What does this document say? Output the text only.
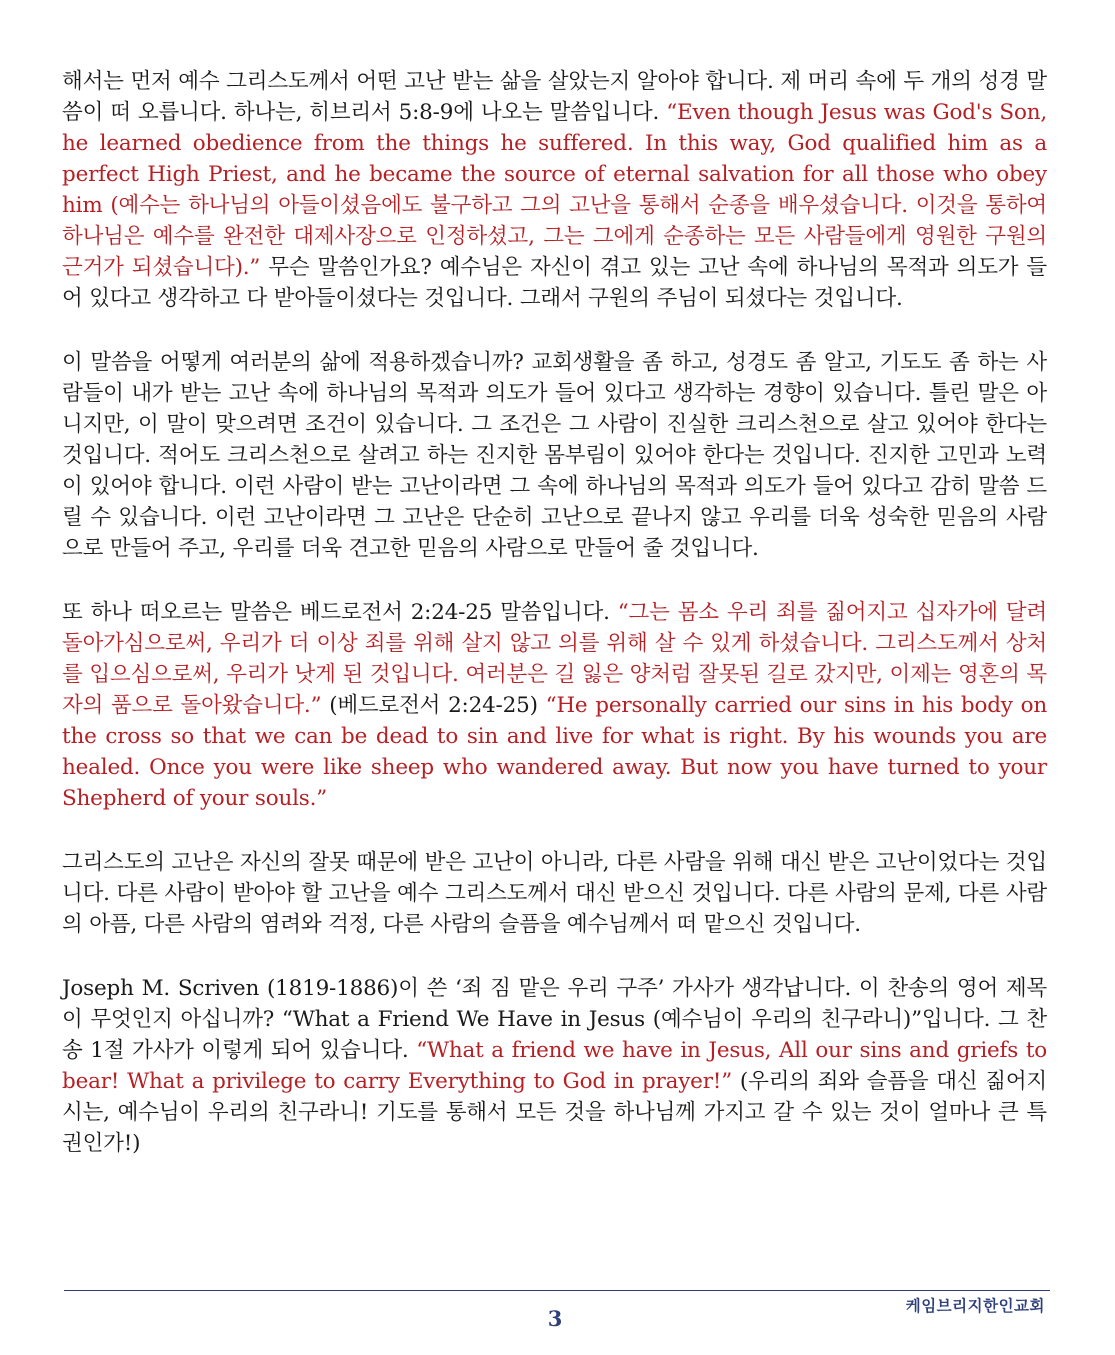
해서는 먼저 예수 그리스도께서 어떤 고난 받는 삶을 살았는지 알아야 합니다. 제 머리 속에 두 개의 성경 말씀이 떠 오릅니다. 하나는, 히브리서 5:8-9에 나오는 말씀입니다. “Even though Jesus was God's Son, he learned obedience from the things he suffered. In this way, God qualified him as a perfect High Priest, and he became the source of eternal salvation for all those who obey him (예수는 하나님의 아들이셨음에도 불구하고 그의 고난을 통해서 순종을 배우셨습니다. 이것을 통하여 하나님은 예수를 완전한 대제사장으로 인정하셨고, 그는 그에게 순종하는 모든 사람들에게 영원한 구원의 근거가 되셨습니다).” 무슨 말씀인가요? 예수님은 자신이 겪고 있는 고난 속에 하나님의 목적과 의도가 들어 있다고 생각하고 다 받아들이셨다는 것입니다. 그래서 구원의 주님이 되셨다는 것입니다.

이 말씀을 어떻게 여러분의 삶에 적용하겠습니까? 교회생활을 좀 하고, 성경도 좀 알고, 기도도 좀 하는 사람들이 내가 받는 고난 속에 하나님의 목적과 의도가 들어 있다고 생각하는 경향이 있습니다. 틀린 말은 아니지만, 이 말이 맞으려면 조건이 있습니다. 그 조건은 그 사람이 진실한 크리스천으로 살고 있어야 한다는 것입니다. 적어도 크리스천으로 살려고 하는 진지한 몸부림이 있어야 한다는 것입니다. 진지한 고민과 노력이 있어야 합니다. 이런 사람이 받는 고난이라면 그 속에 하나님의 목적과 의도가 들어 있다고 감히 말씀 드릴 수 있습니다. 이런 고난이라면 그 고난은 단순히 고난으로 끝나지 않고 우리를 더욱 성숙한 믿음의 사람으로 만들어 주고, 우리를 더욱 견고한 믿음의 사람으로 만들어 줄 것입니다.

또 하나 떠오르는 말씀은 베드로전서 2:24-25 말씀입니다. “그는 몸소 우리 죄를 짊어지고 십자가에 달려 돌아가심으로써, 우리가 더 이상 죄를 위해 살지 않고 의를 위해 살 수 있게 하셨습니다. 그리스도께서 상처를 입으심으로써, 우리가 낫게 된 것입니다. 여러분은 길 잃은 양처럼 잘못된 길로 갔지만, 이제는 영혼의 목자의 품으로 돌아왔습니다.” (베드로전서 2:24-25) “He personally carried our sins in his body on the cross so that we can be dead to sin and live for what is right. By his wounds you are healed. Once you were like sheep who wandered away. But now you have turned to your Shepherd of your souls.”

그리스도의 고난은 자신의 잘못 때문에 받은 고난이 아니라, 다른 사람을 위해 대신 받은 고난이었다는 것입니다. 다른 사람이 받아야 할 고난을 예수 그리스도께서 대신 받으신 것입니다. 다른 사람의 문제, 다른 사람의 아픔, 다른 사람의 염려와 걱정, 다른 사람의 슬픔을 예수님께서 떠 맡으신 것입니다.

Joseph M. Scriven (1819-1886)이 쓴 ‘죄 짐 맡은 우리 구주’ 가사가 생각납니다. 이 찬송의 영어 제목이 무엇인지 아십니까? “What a Friend We Have in Jesus (예수님이 우리의 친구라니)”입니다. 그 찬송 1절 가사가 이렇게 되어 있습니다. “What a friend we have in Jesus, All our sins and griefs to bear! What a privilege to carry Everything to God in prayer!” (우리의 죄와 슬픔을 대신 짊어지시는, 예수님이 우리의 친구라니! 기도를 통해서 모든 것을 하나님께 가지고 갈 수 있는 것이 얼마나 큰 특권인가!)

케임브리지한인교회
3
